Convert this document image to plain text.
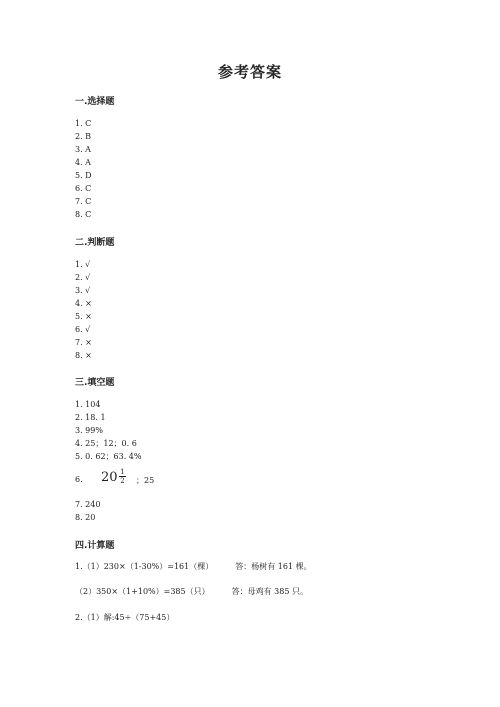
参考答案
一.选择题
1. C
2. B
3. A
4. A
5. D
6. C
7. C
8. C
二.判断题
1. √
2. √
3. √
4. ×
5. ×
6. √
7. ×
8. ×
三.填空题
1. 104
2. 18. 1
3. 99%
4. 25；12；0. 6
5. 0. 62；63. 4%
6. 20 1
2 ；25
7. 240
8. 20
四.计算题
1.（1）230×（1-30%）=161（棵）	答：杨树有 161 棵。
（2）350×（1+10%）=385（只）	答：母鸡有 385 只。
2.（1）解:45÷（75+45）
